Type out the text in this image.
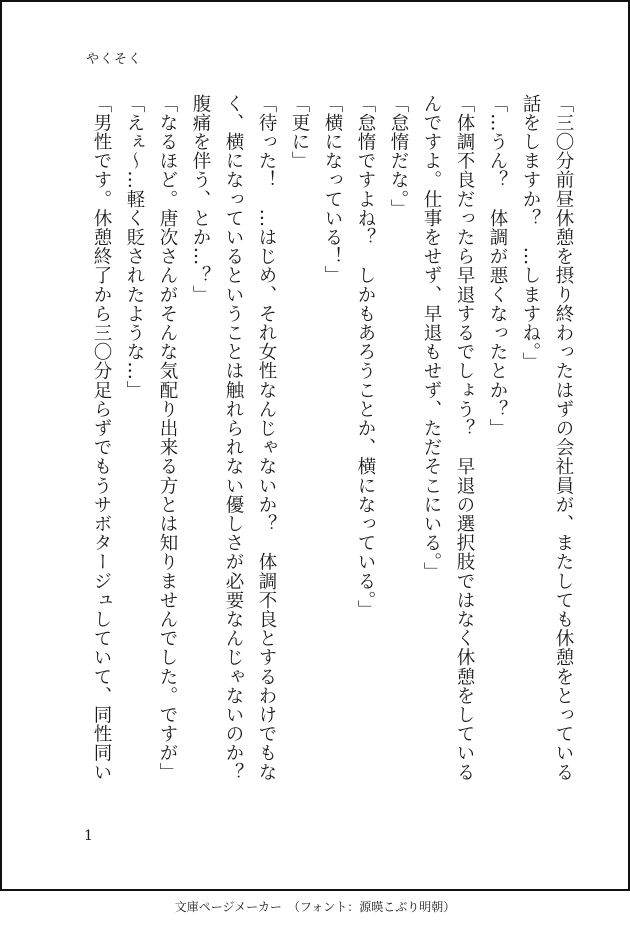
やくそく
「三〇分前昼休憩を摂り終わったはずの会社員が、またしても休憩をとっている
話をしますか？　…しますね。」
「…うん？　体調が悪くなったとか？」
「体調不良だったら早退するでしょう？　早退の選択肢ではなく休憩をしている
んですよ。仕事をせず、早退もせず、ただそこにいる。」
「怠惰だな。」
「怠惰ですよね？　しかもあろうことか、横になっている。」
「横になっている！」
「更に」
「待った！　…はじめ、それ女性なんじゃないか？　体調不良とするわけでもな
く、横になっているということは触れられない優しさが必要なんじゃないのか？
腹痛を伴う、とか…？」
「なるほど。唐次さんがそんな気配り出来る方とは知りませんでした。ですが」
「えぇ～…軽く貶されたような…」
「男性です。休憩終了から三〇分足らずでもうサボタージュしていて、同性同い
1
文庫ページメーカー　（フォント：源暎こぶり明朝）
